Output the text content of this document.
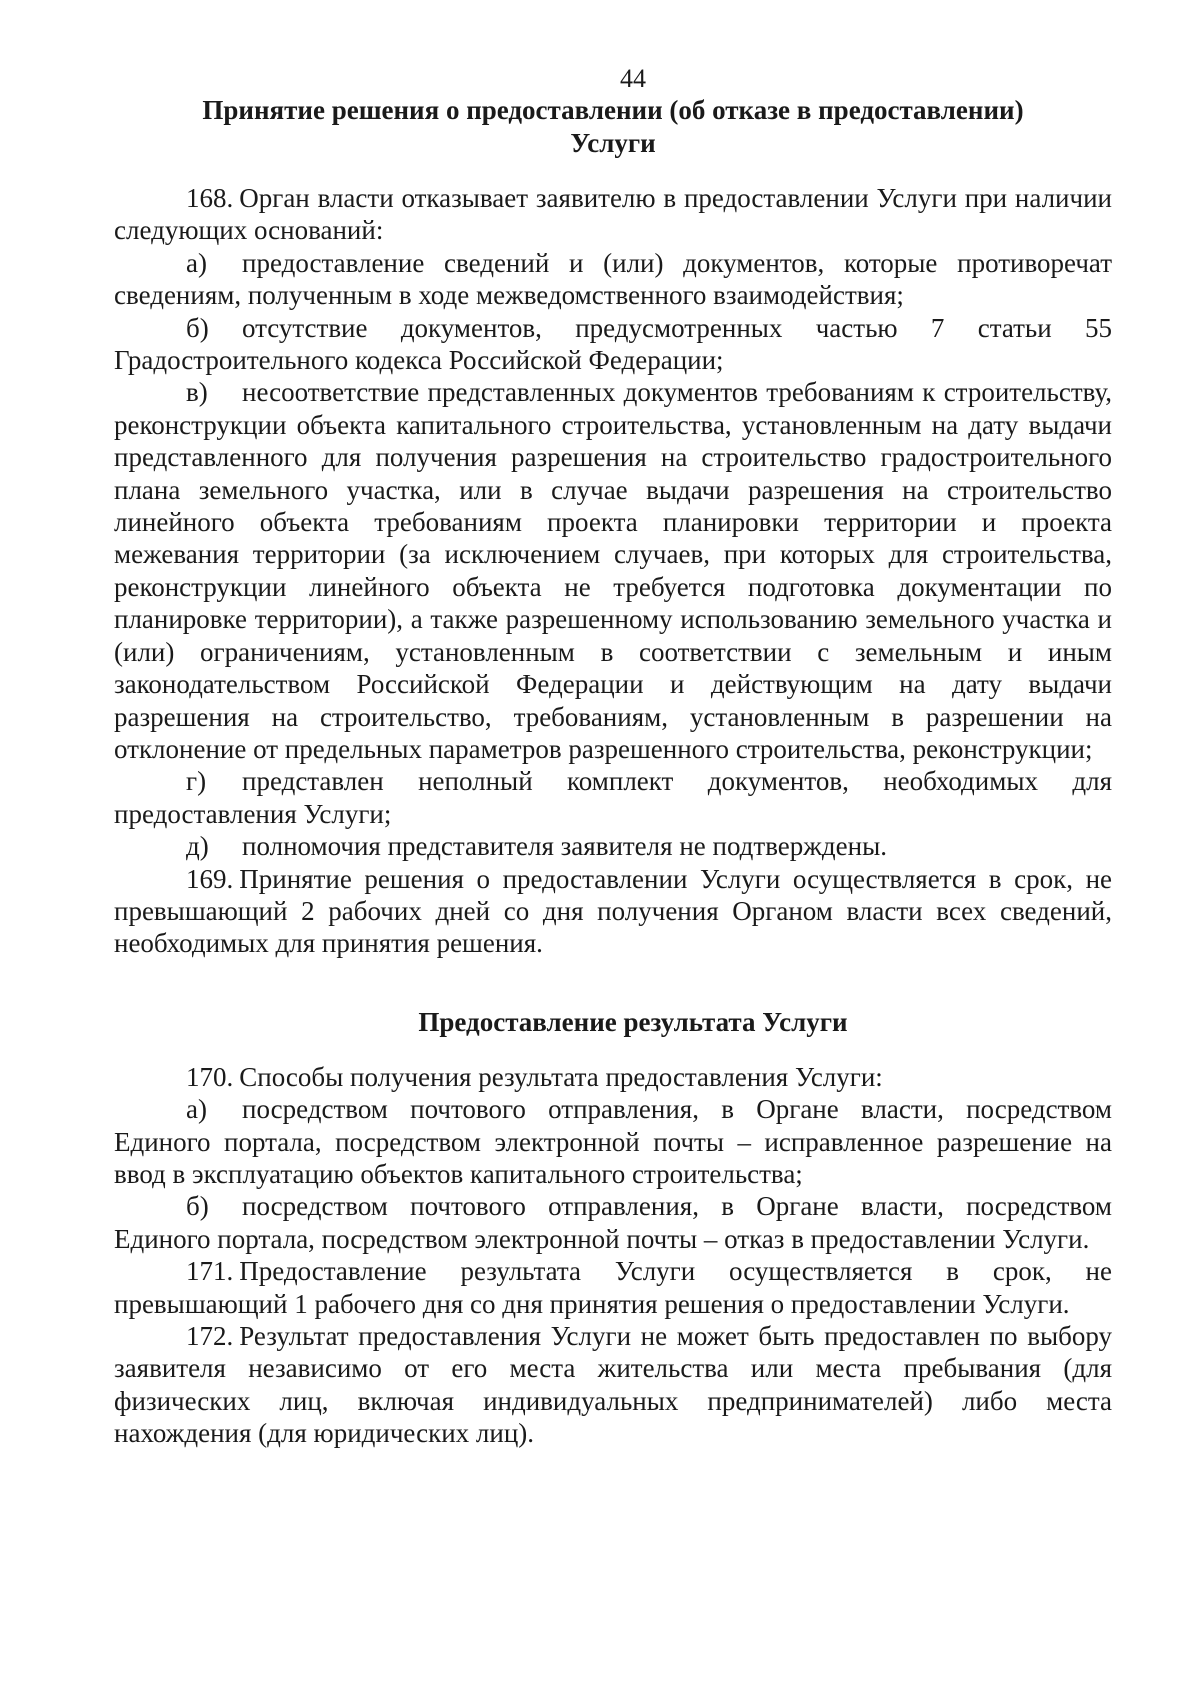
44

Принятие решения о предоставлении (об отказе в предоставлении)
Услуги

168. Орган власти отказывает заявителю в предоставлении Услуги при наличии следующих оснований:

а) предоставление сведений и (или) документов, которые противоречат сведениям, полученным в ходе межведомственного взаимодействия;

б) отсутствие документов, предусмотренных частью 7 статьи 55 Градостроительного кодекса Российской Федерации;

в) несоответствие представленных документов требованиям к строительству, реконструкции объекта капитального строительства, установленным на дату выдачи представленного для получения разрешения на строительство градостроительного плана земельного участка, или в случае выдачи разрешения на строительство линейного объекта требованиям проекта планировки территории и проекта межевания территории (за исключением случаев, при которых для строительства, реконструкции линейного объекта не требуется подготовка документации по планировке территории), а также разрешенному использованию земельного участка и (или) ограничениям, установленным в соответствии с земельным и иным законодательством Российской Федерации и действующим на дату выдачи разрешения на строительство, требованиям, установленным в разрешении на отклонение от предельных параметров разрешенного строительства, реконструкции;

г) представлен неполный комплект документов, необходимых для предоставления Услуги;

д) полномочия представителя заявителя не подтверждены.

169. Принятие решения о предоставлении Услуги осуществляется в срок, не превышающий 2 рабочих дней со дня получения Органом власти всех сведений, необходимых для принятия решения.

Предоставление результата Услуги

170. Способы получения результата предоставления Услуги:

а) посредством почтового отправления, в Органе власти, посредством Единого портала, посредством электронной почты – исправленное разрешение на ввод в эксплуатацию объектов капитального строительства;

б) посредством почтового отправления, в Органе власти, посредством Единого портала, посредством электронной почты – отказ в предоставлении Услуги.

171. Предоставление результата Услуги осуществляется в срок, не превышающий 1 рабочего дня со дня принятия решения о предоставлении Услуги.

172. Результат предоставления Услуги не может быть предоставлен по выбору заявителя независимо от его места жительства или места пребывания (для физических лиц, включая индивидуальных предпринимателей) либо места нахождения (для юридических лиц).
